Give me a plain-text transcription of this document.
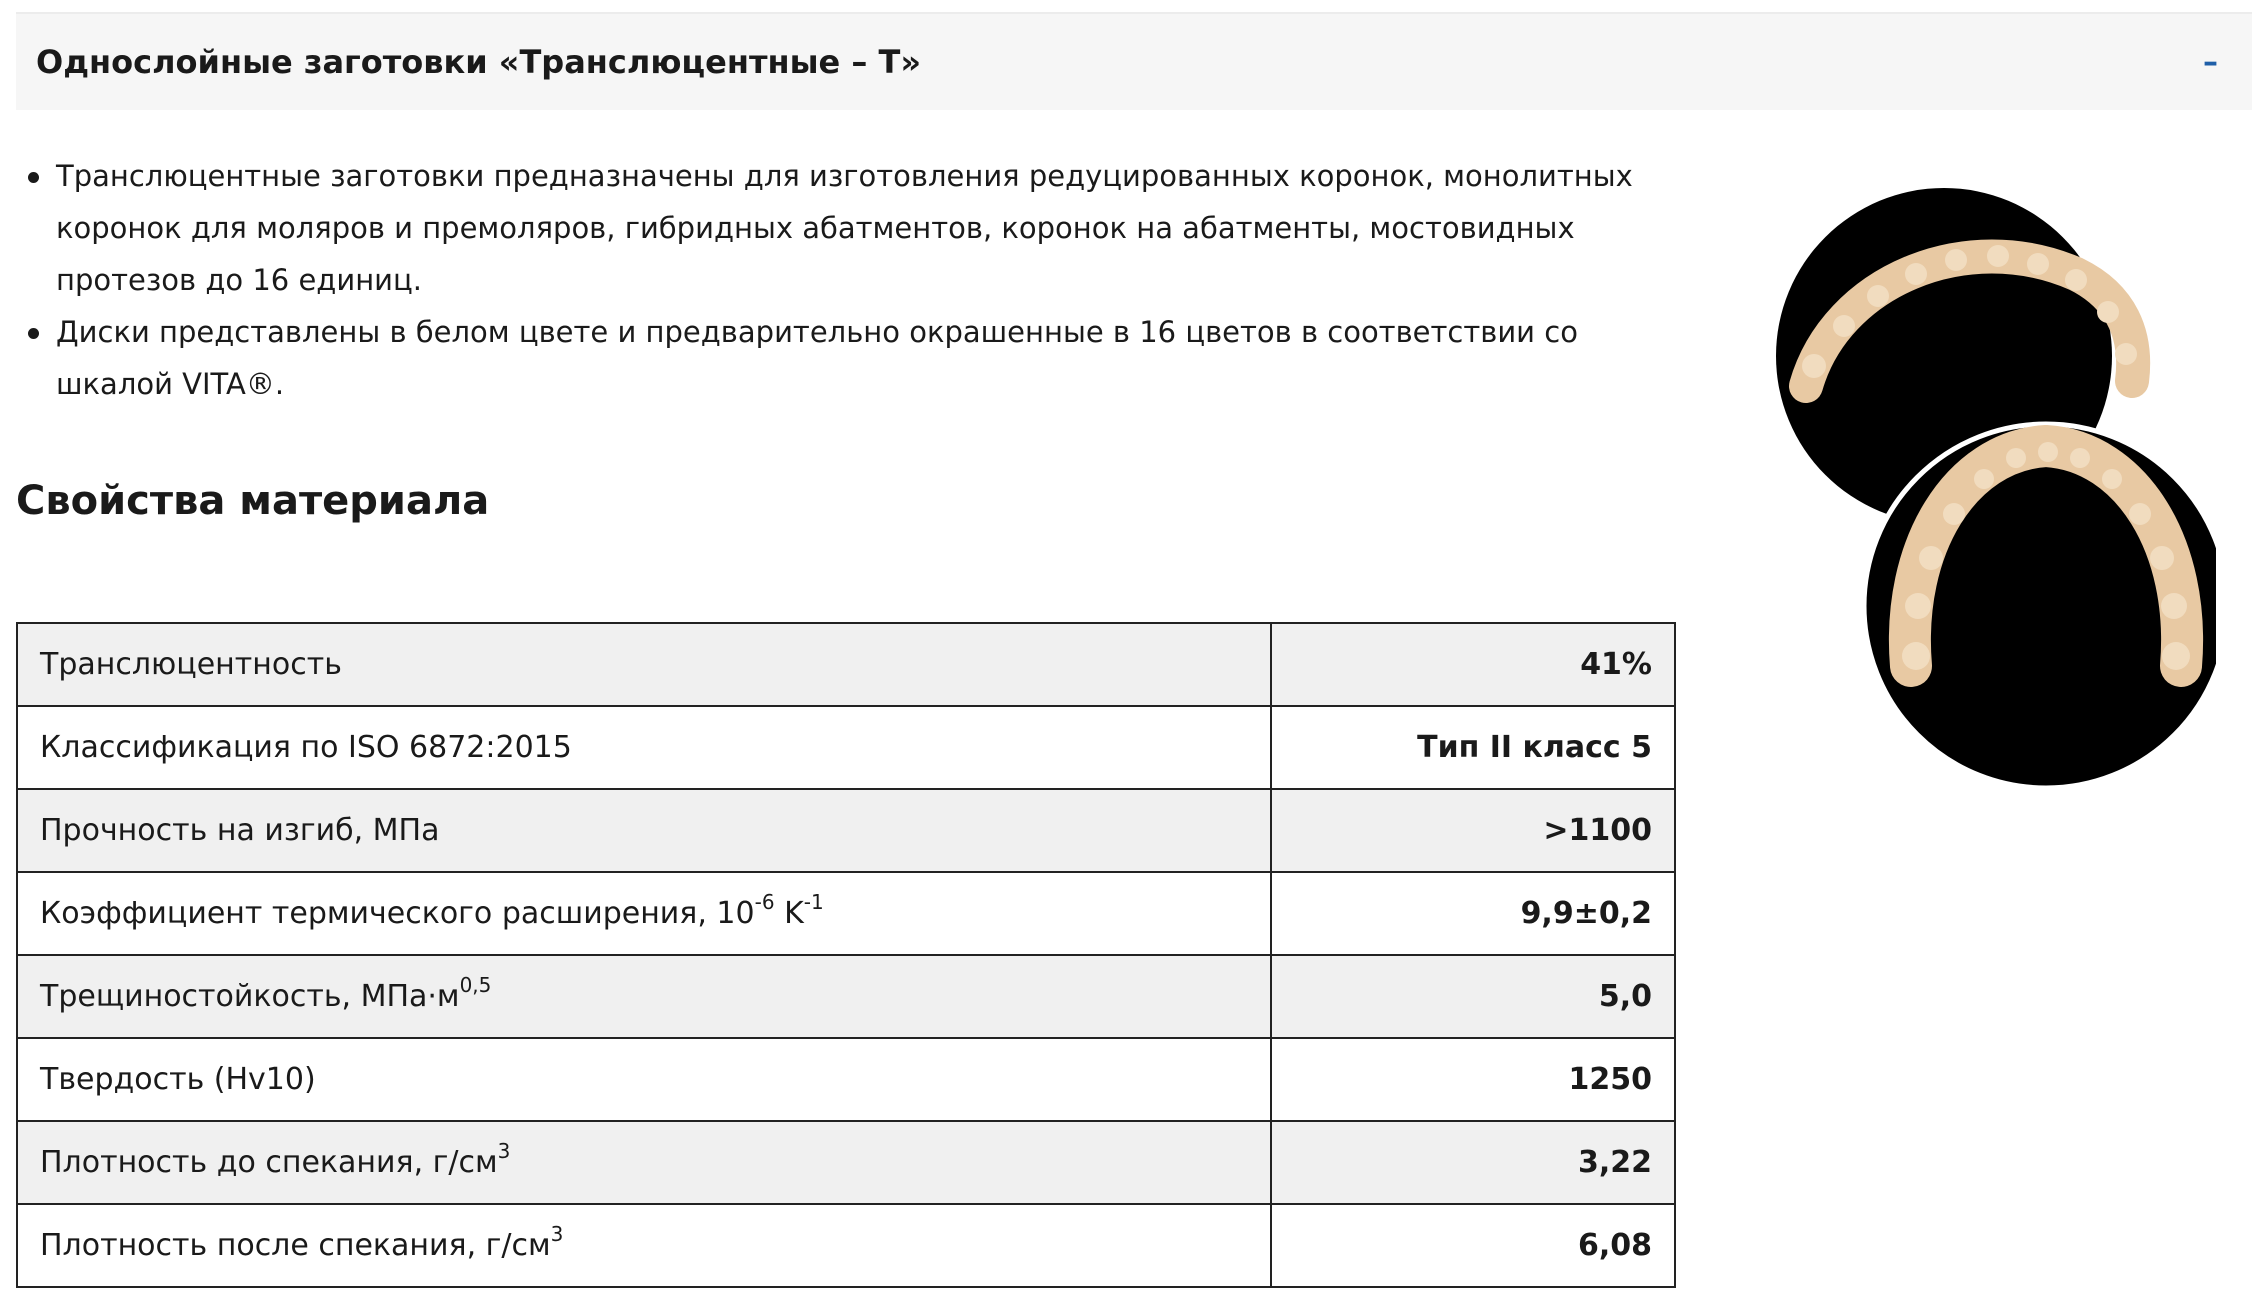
Однослойные заготовки «Транслюцентные – Т»	–
Транслюцентные заготовки предназначены для изготовления редуцированных коронок, монолитных коронок для моляров и премоляров, гибридных абатментов, коронок на абатменты, мостовидных протезов до 16 единиц.
Диски представлены в белом цвете и предварительно окрашенные в 16 цветов в соответствии со шкалой VITA®.
Свойства материала
Транслюцентность	41%
Классификация по ISO 6872:2015	Тип II класс 5
Прочность на изгиб, МПа	>1100
Коэффициент термического расширения, $10^{-6}$ $K^{-1}$	9,9±0,2
Трещиностойкость, $МПа\cdot м^{0,5}$	5,0
Твердость (Hv10)	1250
Плотность до спекания, $г/см^3$	3,22
Плотность после спекания, $г/см^3$	6,08
